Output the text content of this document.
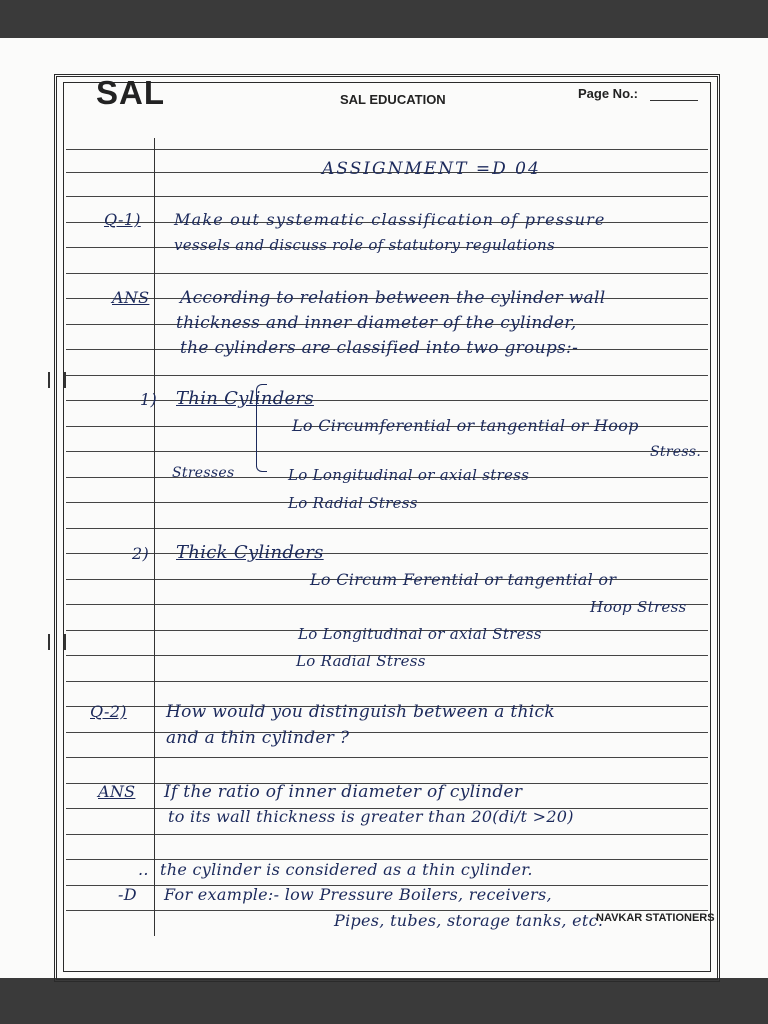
SAL	SAL EDUCATION	Page No.:
ASSIGNMENT =D 04
Q-1) Make out systematic classification of pressure
vessels and discuss role of statutory regulations
ANS According to relation between the cylinder wall
thickness and inner diameter of the cylinder,
the cylinders are classified into two groups:-
1) Thin Cylinders
Lo Circumferential or tangential or Hoop
Stress.
Stresses	Lo Longitudinal or axial stress
Lo Radial Stress
2) Thick Cylinders
Lo Circum Ferential or tangential or
Hoop Stress
Lo Longitudinal or axial Stress
Lo Radial Stress
Q-2) How would you distinguish between a thick
and a thin cylinder ?
ANS If the ratio of inner diameter of cylinder
to its wall thickness is greater than 20(di/t >20)
.. the cylinder is considered as a thin cylinder.
-D For example:- low Pressure Boilers, receivers,
Pipes, tubes, storage tanks, etc.
NAVKAR STATIONERS
